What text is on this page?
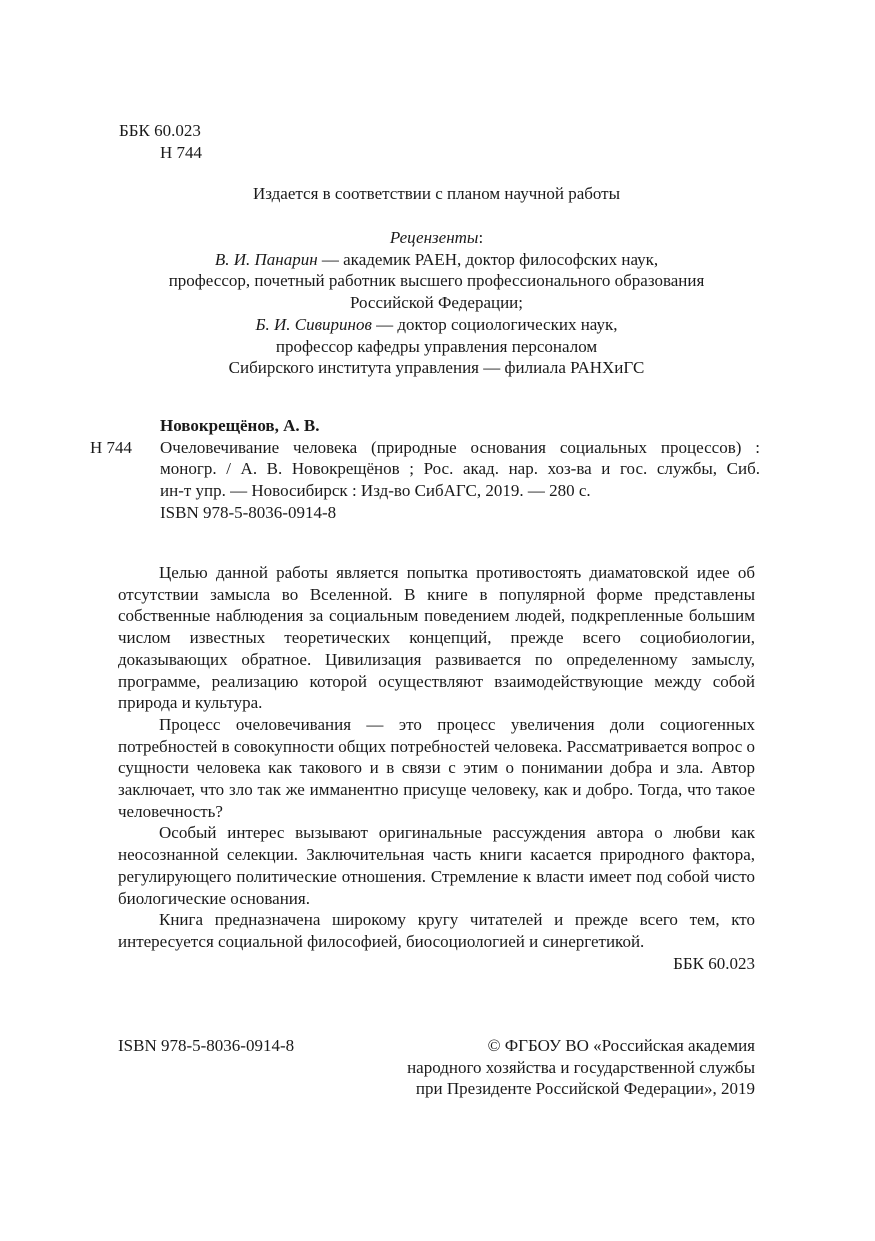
ББК 60.023
Н 744
Издается в соответствии с планом научной работы
Рецензенты:
В. И. Панарин — академик РАЕН, доктор философских наук,
профессор, почетный работник высшего профессионального образования
Российской Федерации;
Б. И. Сивиринов — доктор социологических наук,
профессор кафедры управления персоналом
Сибирского института управления — филиала РАНХиГС
Новокрещёнов, А. В.
Н 744	Очеловечивание человека (природные основания социальных процессов) :
моногр. / А. В. Новокрещёнов ; Рос. акад. нар. хоз-ва и гос. службы, Сиб.
ин-т упр. — Новосибирск : Изд-во СибАГС, 2019. — 280 с.
ISBN 978-5-8036-0914-8

Целью данной работы является попытка противостоять диаматовской идее об отсутствии замысла во Вселенной. В книге в популярной форме представлены собственные наблюдения за социальным поведением людей, подкрепленные большим числом известных теоретических концепций, прежде всего социобиологии, доказывающих обратное. Цивилизация развивается по определенному замыслу, программе, реализацию которой осуществляют взаимодействующие между собой природа и культура.

Процесс очеловечивания — это процесс увеличения доли социогенных потребностей в совокупности общих потребностей человека. Рассматривается вопрос о сущности человека как такового и в связи с этим о понимании добра и зла. Автор заключает, что зло так же имманентно присуще человеку, как и добро. Тогда, что такое человечность?

Особый интерес вызывают оригинальные рассуждения автора о любви как неосознанной селекции. Заключительная часть книги касается природного фактора, регулирующего политические отношения. Стремление к власти имеет под собой чисто биологические основания.

Книга предназначена широкому кругу читателей и прежде всего тем, кто интересуется социальной философией, биосоциологией и синергетикой.

ББК 60.023
ISBN 978-5-8036-0914-8	© ФГБОУ ВО «Российская академия
народного хозяйства и государственной службы
при Президенте Российской Федерации», 2019
